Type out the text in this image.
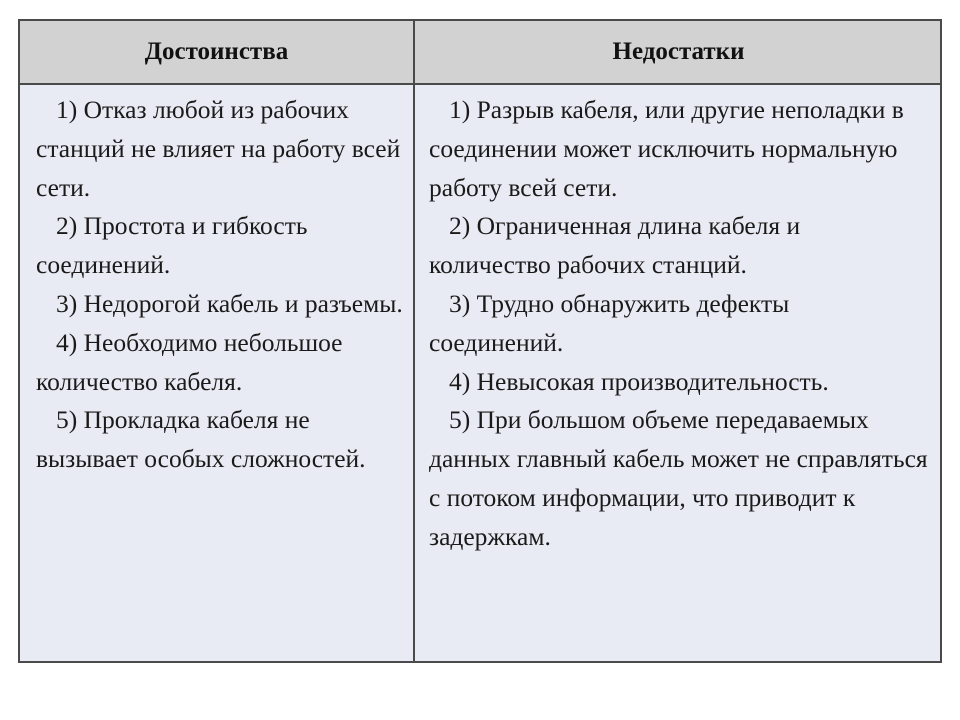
Достоинства	Недостатки

1) Отказ любой из рабочих станций не влияет на работу всей сети.

2) Простота и гибкость соединений.

3) Недорогой кабель и разъемы.

4) Необходимо небольшое количество кабеля.

5) Прокладка кабеля не вызывает особых сложностей.

1) Разрыв кабеля, или другие неполадки в соединении может исключить нормальную работу всей сети.

2) Ограниченная длина кабеля и количество рабочих станций.

3) Трудно обнаружить дефекты соединений.

4) Невысокая производительность.

5) При большом объеме передаваемых данных главный кабель может не справляться с потоком информации, что приводит к задержкам.
